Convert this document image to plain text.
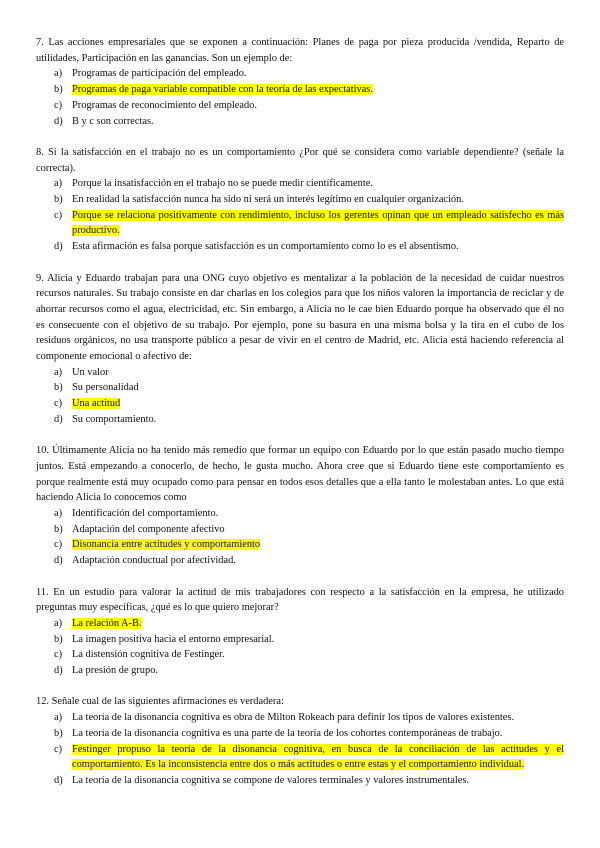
7. Las acciones empresariales que se exponen a continuación: Planes de paga por pieza producida /vendida, Reparto de utilidades, Participación en las ganancias. Son un ejemplo de:

a) Programas de participación del empleado.
b) Programas de paga variable compatible con la teoría de las expectativas.
c) Programas de reconocimiento del empleado.
d) B y c son correctas.

8. Si la satisfacción en el trabajo no es un comportamiento ¿Por qué se considera como variable dependiente? (señale la correcta).

a) Porque la insatisfacción en el trabajo no se puede medir científicamente.
b) En realidad la satisfacción nunca ha sido ni será un interés legítimo en cualquier organización.
c) Porque se relaciona positivamente con rendimiento, incluso los gerentes opinan que un empleado satisfecho es más productivo.
d) Esta afirmación es falsa porque satisfacción es un comportamiento como lo es el absentismo.

9. Alicia y Eduardo trabajan para una ONG cuyo objetivo es mentalizar a la población de la necesidad de cuidar nuestros recursos naturales. Su trabajo consiste en dar charlas en los colegios para que los niños valoren la importancia de reciclar y de ahorrar recursos como el agua, electricidad, etc. Sin embargo, a Alicia no le cae bien Eduardo porque ha observado que él no es consecuente con el objetivo de su trabajo. Por ejemplo, pone su basura en una misma bolsa y la tira en el cubo de los residuos orgánicos, no usa transporte público a pesar de vivir en el centro de Madrid, etc. Alicia está haciendo referencia al componente emocional o afectivo de:

a) Un valor
b) Su personalidad
c) Una actitud
d) Su comportamiento.

10. Últimamente Alicia no ha tenido más remedio que formar un equipo con Eduardo por lo que están pasado mucho tiempo juntos. Está empezando a conocerlo, de hecho, le gusta mucho. Ahora cree que si Eduardo tiene este comportamiento es porque realmente está muy ocupado como para pensar en todos esos detalles que a ella tanto le molestaban antes. Lo que está haciendo Alicia lo conocemos como

a) Identificación del comportamiento.
b) Adaptación del componente afectivo
c) Disonancia entre actitudes y comportamiento
d) Adaptación conductual por afectividad.

11. En un estudio para valorar la actitud de mis trabajadores con respecto a la satisfacción en la empresa, he utilizado preguntas muy específicas, ¿qué es lo que quiero mejorar?

a) La relación A-B.
b) La imagen positiva hacia el entorno empresarial.
c) La distensión cognitiva de Festinger.
d) La presión de grupo.

12. Señale cual de las siguientes afirmaciones es verdadera:

a) La teoría de la disonancia cognitiva es obra de Milton Rokeach para definir los tipos de valores existentes.
b) La teoría de la disonancia cognitiva es una parte de la teoría de los cohortes contemporáneas de trabajo.
c) Festinger propuso la teoría de la disonancia cognitiva, en busca de la conciliación de las actitudes y el comportamiento. Es la inconsistencia entre dos o más actitudes o entre estas y el comportamiento individual.
d) La teoría de la disonancia cognitiva se compone de valores terminales y valores instrumentales.
